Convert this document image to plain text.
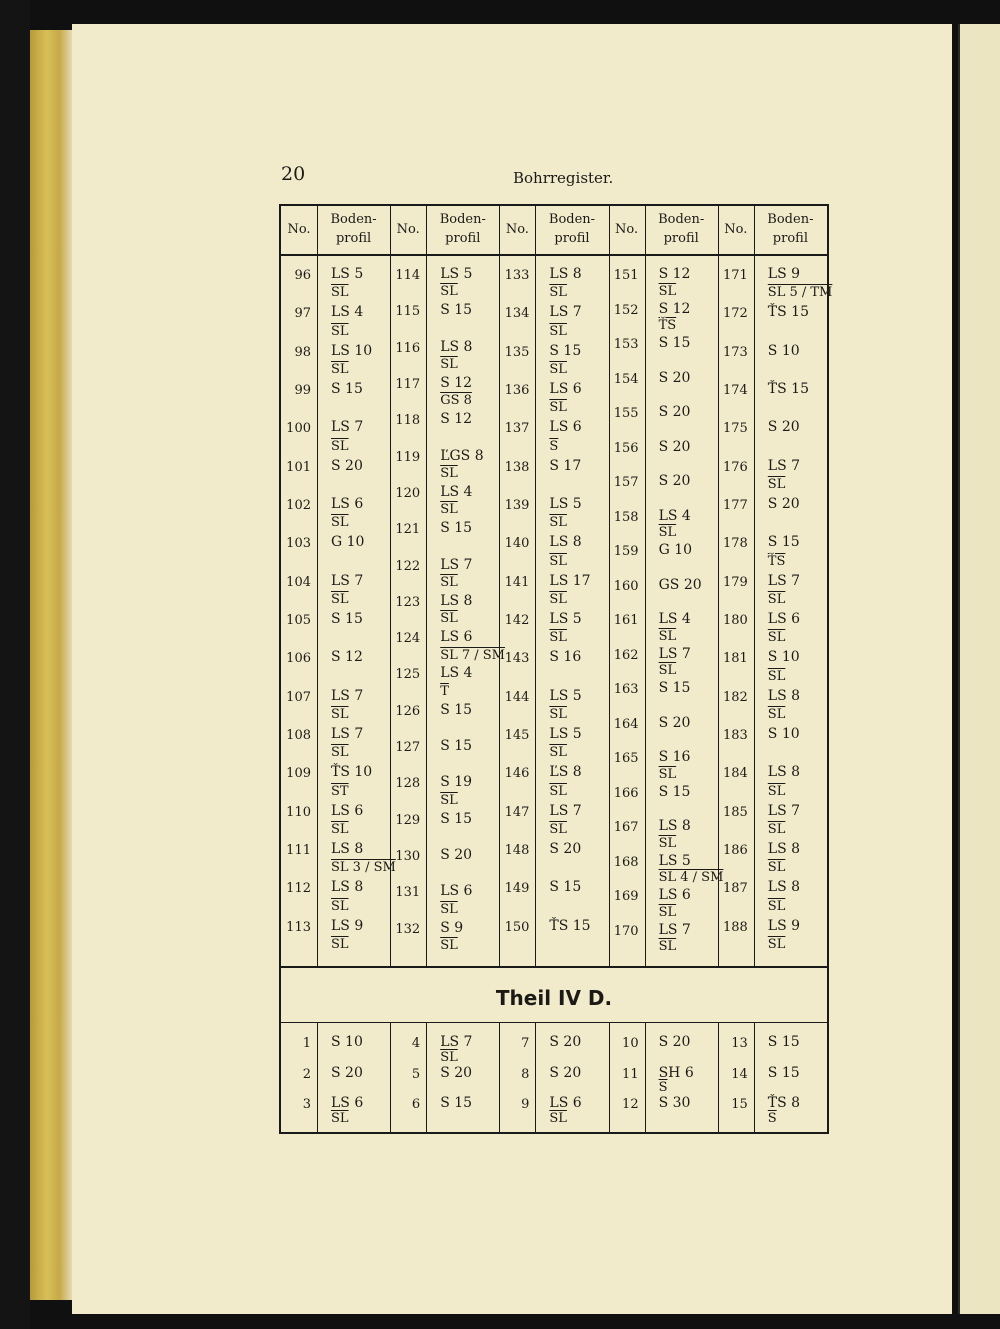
20	Bohrregister.
Theil IV D.
No.
Boden-
profil
No.
Boden-
profil
No.
Boden-
profil
No.
Boden-
profil
No.
Boden-
profil
96 LS 5
$\overline{SL}$
97 LS 4
$\overline{SL}$
98 LS 10
$\overline{SL}$
99 S 15
100 LS 7
$\overline{SL}$
101 S 20
102 LS 6
$\overline{SL}$
103 G 10
104 LS 7
$\overline{SL}$
105 S 15
106 S 12
107 LS 7
$\overline{SL}$
108 LS 7
$\overline{SL}$
109 ŤS 10
$\overline{ST}$
110 LS 6
$\overline{SL}$
111 LS 8
SL 3 / SM
112 LS 8
$\overline{SL}$
113 LS 9
$\overline{SL}$
114 LS 5
$\overline{SL}$
115 S 15
116 LS 8
$\overline{SL}$
117 S 12
GS 8
118 S 12
119 ĽGS 8
$\overline{SL}$
120 LS 4
$\overline{SL}$
121 S 15
122 LS 7
$\overline{SL}$
123 LS 8
$\overline{SL}$
124 LS 6
SL 7 / SM
125 LS 4
$\overline{T}$
126 S 15
127 S 15
128 S 19
$\overline{SL}$
129 S 15
130 S 20
131 LS 6
$\overline{SL}$
132 S 9
$\overline{SL}$
133 LS 8
$\overline{SL}$
134 LS 7
$\overline{SL}$
135 S 15
$\overline{SL}$
136 LS 6
$\overline{SL}$
137 LS 6
$\overline{S}$
138 S 17
139 LS 5
$\overline{SL}$
140 LS 8
$\overline{SL}$
141 LS 17
$\overline{SL}$
142 LS 5
$\overline{SL}$
143 S 16
144 LS 5
$\overline{SL}$
145 LS 5
$\overline{SL}$
146 ĽS 8
$\overline{SL}$
147 LS 7
$\overline{SL}$
148 S 20
149 S 15
150 ŤS 15
151 S 12
$\overline{SL}$
152 S 12
$\overline{ŤS}$
153 S 15
154 S 20
155 S 20
156 S 20
157 S 20
158 LS 4
$\overline{SL}$
159 G 10
160 GS 20
161 LS 4
$\overline{SL}$
162 LS 7
$\overline{SL}$
163 S 15
164 S 20
165 S 16
$\overline{SL}$
166 S 15
167 LS 8
$\overline{SL}$
168 LS 5
SL 4 / SM
169 LS 6
$\overline{SL}$
170 LS 7
$\overline{SL}$
171 LS 9
SL 5 / TM
172 ŤS 15
173 S 10
174 ŤS 15
175 S 20
176 LS 7
$\overline{SL}$
177 S 20
178 S 15
$\overline{ŤS}$
179 LS 7
$\overline{SL}$
180 LS 6
$\overline{SL}$
181 S 10
$\overline{SL}$
182 LS 8
$\overline{SL}$
183 S 10
184 LS 8
$\overline{SL}$
185 LS 7
$\overline{SL}$
186 LS 8
$\overline{SL}$
187 LS 8
$\overline{SL}$
188 LS 9
$\overline{SL}$
1 S 10
2 S 20
3 LS 6
$\overline{SL}$
4 LS 7
$\overline{SL}$
5 S 20
6 S 15
7 S 20
8 S 20
9 LS 6
$\overline{SL}$
10 S 20
11 SH 6
$\overline{S}$
12 S 30
13 S 15
14 S 15
15 ŤS 8
$\overline{S}$
